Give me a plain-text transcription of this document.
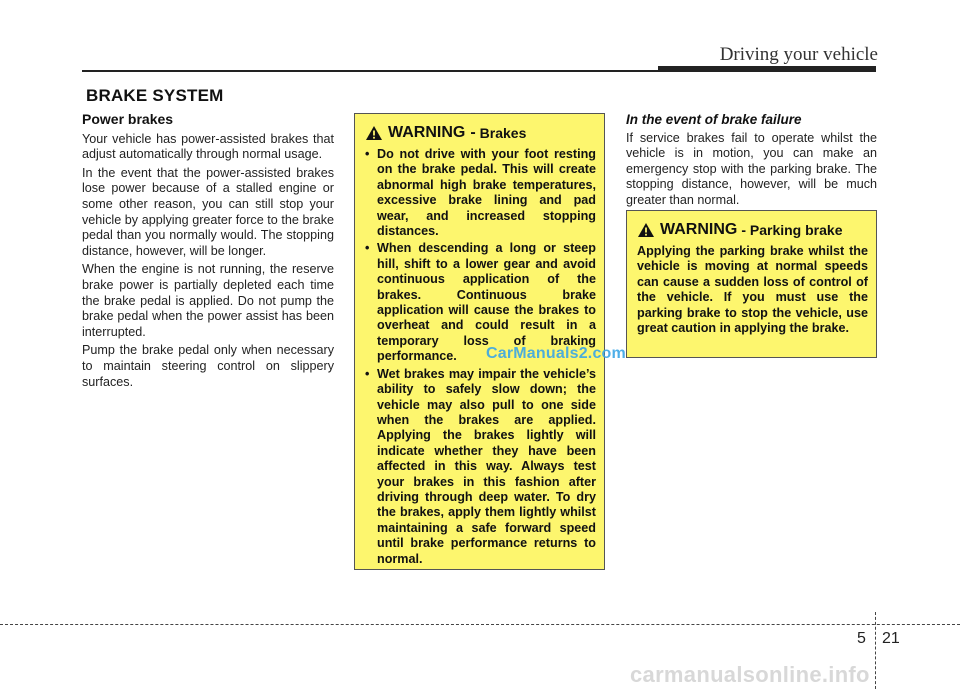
Driving your vehicle
BRAKE SYSTEM
Power brakes

Your vehicle has power-assisted brakes that adjust automatically through normal usage.

In the event that the power-assisted brakes lose power because of a stalled engine or some other reason, you can still stop your vehicle by applying greater force to the brake pedal than you normally would. The stopping distance, however, will be longer.

When the engine is not running, the reserve brake power is partially depleted each time the brake pedal is applied. Do not pump the brake pedal when the power assist has been interrupted.

Pump the brake pedal only when necessary to maintain steering control on slippery surfaces.

WARNING - Brakes
• Do not drive with your foot resting on the brake pedal. This will create abnormal high brake temperatures, excessive brake lining and pad wear, and increased stopping distances.
• When descending a long or steep hill, shift to a lower gear and avoid continuous application of the brakes. Continuous brake application will cause the brakes to overheat and could result in a temporary loss of braking performance.
• Wet brakes may impair the vehicle’s ability to safely slow down; the vehicle may also pull to one side when the brakes are applied. Applying the brakes lightly will indicate whether they have been affected in this way. Always test your brakes in this fashion after driving through deep water. To dry the brakes, apply them lightly whilst maintaining a safe forward speed until brake performance returns to normal.
In the event of brake failure

If service brakes fail to operate whilst the vehicle is in motion, you can make an emergency stop with the parking brake. The stopping distance, however, will be much greater than normal.

WARNING - Parking brake
Applying the parking brake whilst the vehicle is moving at normal speeds can cause a sudden loss of control of the vehicle. If you must use the parking brake to stop the vehicle, use great caution in applying the brake.
CarManuals2.com
5 21
carmanualsonline.info
